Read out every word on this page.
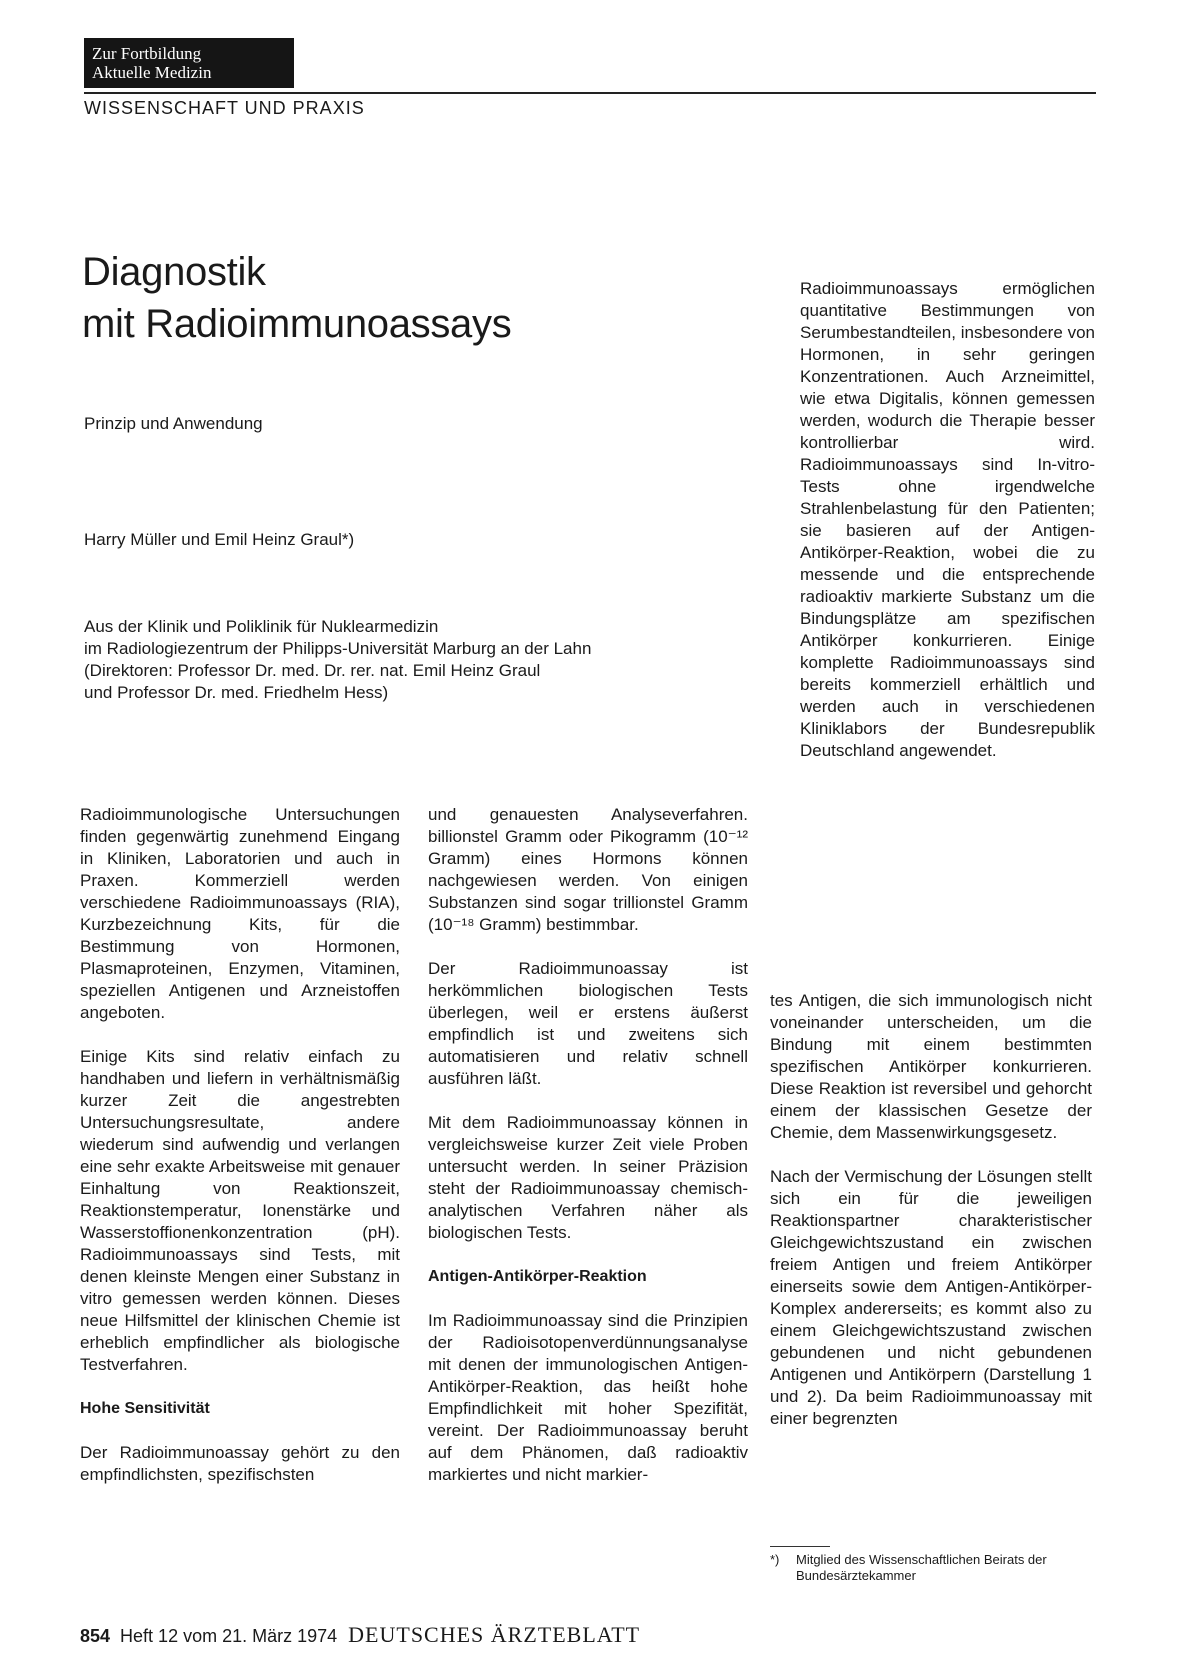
Zur Fortbildung
Aktuelle Medizin
WISSENSCHAFT UND PRAXIS
Diagnostik
mit Radioimmunoassays
Prinzip und Anwendung
Harry Müller und Emil Heinz Graul*)
Aus der Klinik und Poliklinik für Nuklearmedizin
im Radiologiezentrum der Philipps-Universität Marburg an der Lahn
(Direktoren: Professor Dr. med. Dr. rer. nat. Emil Heinz Graul
und Professor Dr. med. Friedhelm Hess)

Radioimmunoassays ermöglichen quantitative Bestimmungen von Serumbestandteilen, insbesondere von Hormonen, in sehr geringen Konzentrationen. Auch Arzneimittel, wie etwa Digitalis, können gemessen werden, wodurch die Therapie besser kontrollierbar wird. Radioimmunoassays sind In-vitro-Tests ohne irgendwelche Strahlenbelastung für den Patienten; sie basieren auf der Antigen-Antikörper-Reaktion, wobei die zu messende und die entsprechende radioaktiv markierte Substanz um die Bindungsplätze am spezifischen Antikörper konkurrieren. Einige komplette Radioimmunoassays sind bereits kommerziell erhältlich und werden auch in verschiedenen Kliniklabors der Bundesrepublik Deutschland angewendet.

Radioimmunologische Untersuchungen finden gegenwärtig zunehmend Eingang in Kliniken, Laboratorien und auch in Praxen. Kommerziell werden verschiedene Radioimmunoassays (RIA), Kurzbezeichnung Kits, für die Bestimmung von Hormonen, Plasmaproteinen, Enzymen, Vitaminen, speziellen Antigenen und Arzneistoffen angeboten.

Einige Kits sind relativ einfach zu handhaben und liefern in verhältnismäßig kurzer Zeit die angestrebten Untersuchungsresultate, andere wiederum sind aufwendig und verlangen eine sehr exakte Arbeitsweise mit genauer Einhaltung von Reaktionszeit, Reaktionstemperatur, Ionenstärke und Wasserstoffionenkonzentration (pH). Radioimmunoassays sind Tests, mit denen kleinste Mengen einer Substanz in vitro gemessen werden können. Dieses neue Hilfsmittel der klinischen Chemie ist erheblich empfindlicher als biologische Testverfahren.

Hohe Sensitivität

Der Radioimmunoassay gehört zu den empfindlichsten, spezifischsten

und genauesten Analyseverfahren. billionstel Gramm oder Pikogramm (10⁻¹² Gramm) eines Hormons können nachgewiesen werden. Von einigen Substanzen sind sogar trillionstel Gramm (10⁻¹⁸ Gramm) bestimmbar.

Der Radioimmunoassay ist herkömmlichen biologischen Tests überlegen, weil er erstens äußerst empfindlich ist und zweitens sich automatisieren und relativ schnell ausführen läßt.

Mit dem Radioimmunoassay können in vergleichsweise kurzer Zeit viele Proben untersucht werden. In seiner Präzision steht der Radioimmunoassay chemisch-analytischen Verfahren näher als biologischen Tests.

Antigen-Antikörper-Reaktion

Im Radioimmunoassay sind die Prinzipien der Radioisotopenverdünnungsanalyse mit denen der immunologischen Antigen-Antikörper-Reaktion, das heißt hohe Empfindlichkeit mit hoher Spezifität, vereint. Der Radioimmunoassay beruht auf dem Phänomen, daß radioaktiv markiertes und nicht markier-

tes Antigen, die sich immunologisch nicht voneinander unterscheiden, um die Bindung mit einem bestimmten spezifischen Antikörper konkurrieren. Diese Reaktion ist reversibel und gehorcht einem der klassischen Gesetze der Chemie, dem Massenwirkungsgesetz.

Nach der Vermischung der Lösungen stellt sich ein für die jeweiligen Reaktionspartner charakteristischer Gleichgewichtszustand ein zwischen freiem Antigen und freiem Antikörper einerseits sowie dem Antigen-Antikörper-Komplex andererseits; es kommt also zu einem Gleichgewichtszustand zwischen gebundenen und nicht gebundenen Antigenen und Antikörpern (Darstellung 1 und 2). Da beim Radioimmunoassay mit einer begrenzten

*) Mitglied des Wissenschaftlichen Beirats der Bundesärztekammer
854 Heft 12 vom 21. März 1974 DEUTSCHES ÄRZTEBLATT
